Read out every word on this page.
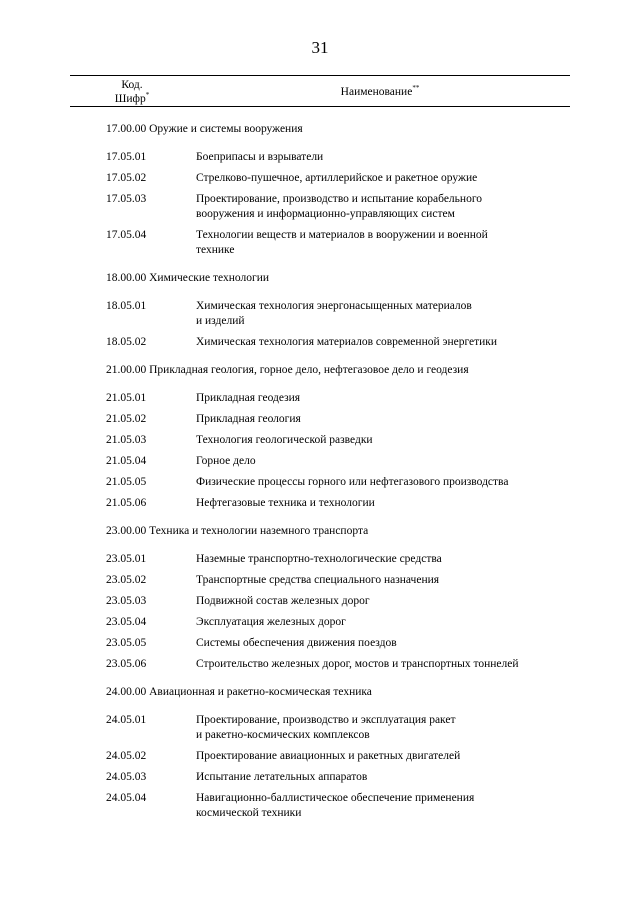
31
Код.
Шифр*	Наименование**
17.00.00 Оружие и системы вооружения
17.05.01	Боеприпасы и взрыватели
17.05.02	Стрелково-пушечное, артиллерийское и ракетное оружие
17.05.03	Проектирование, производство и испытание корабельного
вооружения и информационно-управляющих систем
17.05.04	Технологии веществ и материалов в вооружении и военной
технике
18.00.00 Химические технологии
18.05.01	Химическая технология энергонасыщенных материалов
и изделий
18.05.02	Химическая технология материалов современной энергетики
21.00.00 Прикладная геология, горное дело, нефтегазовое дело и геодезия
21.05.01	Прикладная геодезия
21.05.02	Прикладная геология
21.05.03	Технология геологической разведки
21.05.04	Горное дело
21.05.05	Физические процессы горного или нефтегазового производства
21.05.06	Нефтегазовые техника и технологии
23.00.00 Техника и технологии наземного транспорта
23.05.01	Наземные транспортно-технологические средства
23.05.02	Транспортные средства специального назначения
23.05.03	Подвижной состав железных дорог
23.05.04	Эксплуатация железных дорог
23.05.05	Системы обеспечения движения поездов
23.05.06	Строительство железных дорог, мостов и транспортных тоннелей
24.00.00 Авиационная и ракетно-космическая техника
24.05.01	Проектирование, производство и эксплуатация ракет
и ракетно-космических комплексов
24.05.02	Проектирование авиационных и ракетных двигателей
24.05.03	Испытание летательных аппаратов
24.05.04	Навигационно-баллистическое обеспечение применения
космической техники
